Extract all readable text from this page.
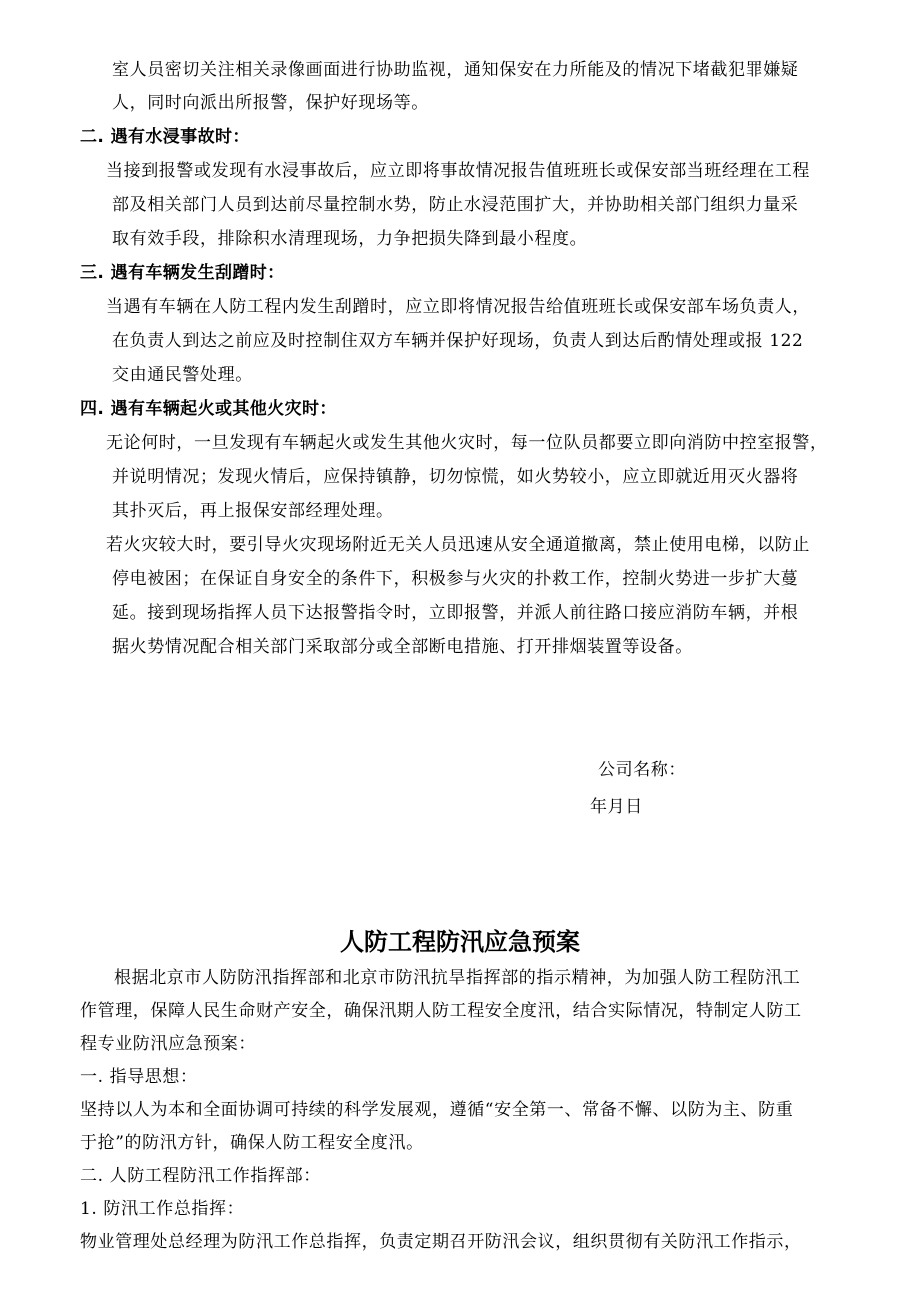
室人员密切关注相关录像画面进行协助监视，通知保安在力所能及的情况下堵截犯罪嫌疑
人，同时向派出所报警，保护好现场等。
二. 遇有水浸事故时：
当接到报警或发现有水浸事故后，应立即将事故情况报告值班班长或保安部当班经理在工程
部及相关部门人员到达前尽量控制水势，防止水浸范围扩大，并协助相关部门组织力量采
取有效手段，排除积水清理现场，力争把损失降到最小程度。
三. 遇有车辆发生刮蹭时：
当遇有车辆在人防工程内发生刮蹭时，应立即将情况报告给值班班长或保安部车场负责人，
在负责人到达之前应及时控制住双方车辆并保护好现场，负责人到达后酌情处理或报 122
交由通民警处理。
四. 遇有车辆起火或其他火灾时：
无论何时，一旦发现有车辆起火或发生其他火灾时，每一位队员都要立即向消防中控室报警，
并说明情况；发现火情后，应保持镇静，切勿惊慌，如火势较小，应立即就近用灭火器将
其扑灭后，再上报保安部经理处理。
若火灾较大时，要引导火灾现场附近无关人员迅速从安全通道撤离，禁止使用电梯，以防止
停电被困；在保证自身安全的条件下，积极参与火灾的扑救工作，控制火势进一步扩大蔓
延。接到现场指挥人员下达报警指令时，立即报警，并派人前往路口接应消防车辆，并根
据火势情况配合相关部门采取部分或全部断电措施、打开排烟装置等设备。
公司名称：
年月日
人防工程防汛应急预案
根据北京市人防防汛指挥部和北京市防汛抗旱指挥部的指示精神，为加强人防工程防汛工
作管理，保障人民生命财产安全，确保汛期人防工程安全度汛，结合实际情况，特制定人防工
程专业防汛应急预案：
一. 指导思想：
坚持以人为本和全面协调可持续的科学发展观，遵循“安全第一、常备不懈、以防为主、防重
于抢”的防汛方针，确保人防工程安全度汛。
二. 人防工程防汛工作指挥部：
1. 防汛工作总指挥：
物业管理处总经理为防汛工作总指挥，负责定期召开防汛会议，组织贯彻有关防汛工作指示，
